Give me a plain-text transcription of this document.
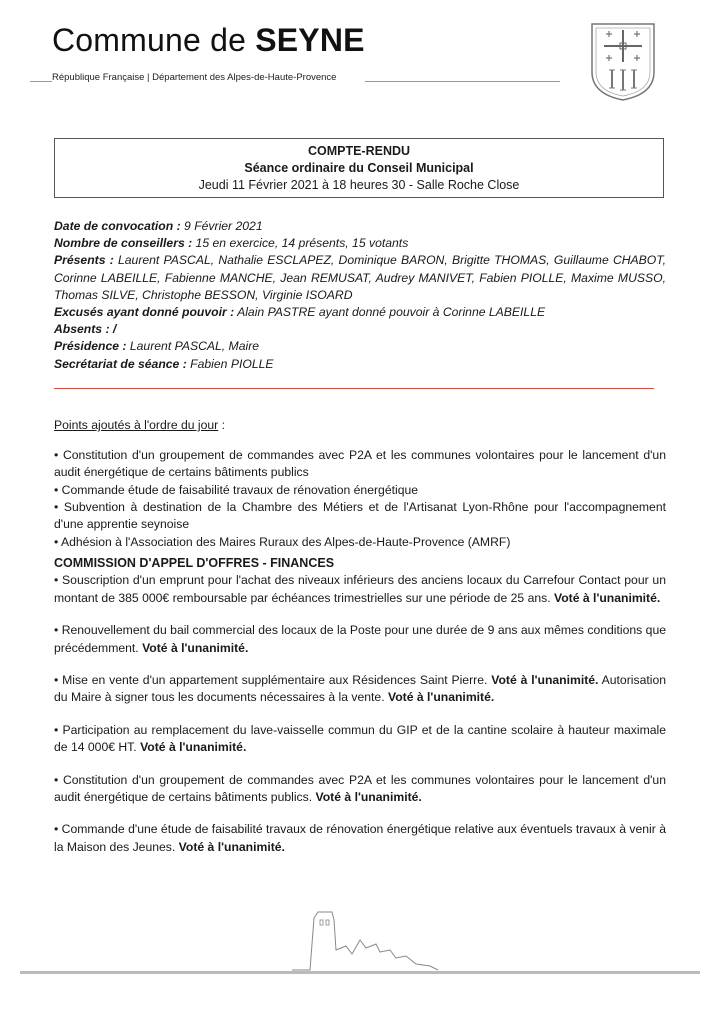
Commune de SEYNE
République Française | Département des Alpes-de-Haute-Provence
COMPTE-RENDU
Séance ordinaire du Conseil Municipal
Jeudi 11 Février 2021 à 18 heures 30 - Salle Roche Close

Date de convocation : 9 Février 2021

Nombre de conseillers : 15 en exercice, 14 présents, 15 votants

Présents : Laurent PASCAL, Nathalie ESCLAPEZ, Dominique BARON, Brigitte THOMAS, Guillaume CHABOT, Corinne LABEILLE, Fabienne MANCHE, Jean REMUSAT, Audrey MANIVET, Fabien PIOLLE, Maxime MUSSO, Thomas SILVE, Christophe BESSON, Virginie ISOARD

Excusés ayant donné pouvoir : Alain PASTRE ayant donné pouvoir à Corinne LABEILLE

Absents : /

Présidence : Laurent PASCAL, Maire

Secrétariat de séance : Fabien PIOLLE

Points ajoutés à l'ordre du jour :

• Constitution d'un groupement de commandes avec P2A et les communes volontaires pour le lancement d'un audit énergétique de certains bâtiments publics

• Commande étude de faisabilité travaux de rénovation énergétique

• Subvention à destination de la Chambre des Métiers et de l'Artisanat Lyon-Rhône pour l'accompagnement d'une apprentie seynoise

• Adhésion à l'Association des Maires Ruraux des Alpes-de-Haute-Provence (AMRF)

COMMISSION D'APPEL D'OFFRES - FINANCES

• Souscription d'un emprunt pour l'achat des niveaux inférieurs des anciens locaux du Carrefour Contact pour un montant de 385 000€ remboursable par échéances trimestrielles sur une période de 25 ans. Voté à l'unanimité.

• Renouvellement du bail commercial des locaux de la Poste pour une durée de 9 ans aux mêmes conditions que précédemment. Voté à l'unanimité.

• Mise en vente d'un appartement supplémentaire aux Résidences Saint Pierre. Voté à l'unanimité. Autorisation du Maire à signer tous les documents nécessaires à la vente. Voté à l'unanimité.

• Participation au remplacement du lave-vaisselle commun du GIP et de la cantine scolaire à hauteur maximale de 14 000€ HT. Voté à l'unanimité.

• Constitution d'un groupement de commandes avec P2A et les communes volontaires pour le lancement d'un audit énergétique de certains bâtiments publics. Voté à l'unanimité.

• Commande d'une étude de faisabilité travaux de rénovation énergétique relative aux éventuels travaux à venir à la Maison des Jeunes. Voté à l'unanimité.
